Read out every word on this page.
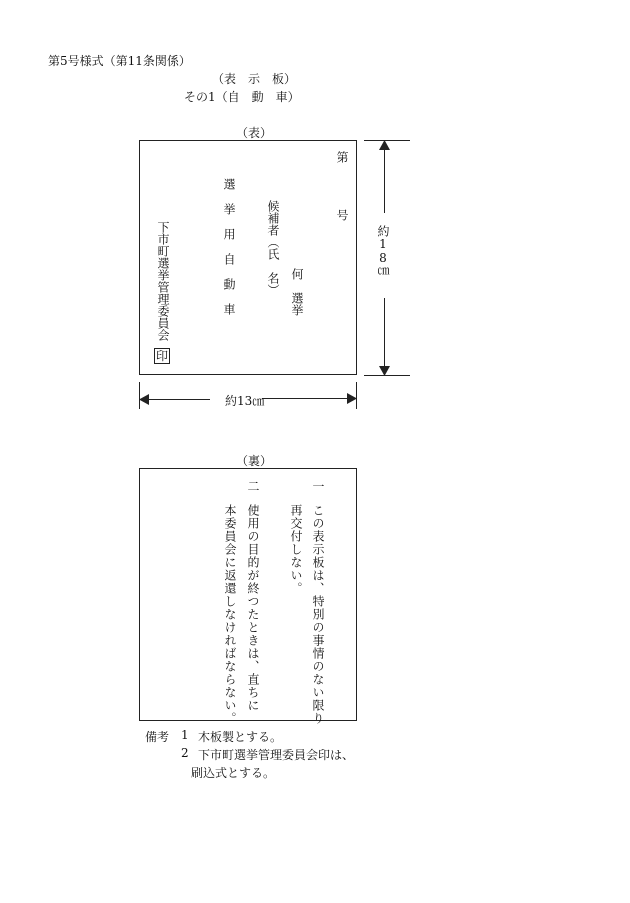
第5号様式（第11条関係）
（表　示　板）
その1（自　動　車）
（表）
第
号
何　選挙
候補者（氏　名）
選　挙　用　自　動　車
下市町選挙管理委員会
印
約18㎝
約13㎝
（裏）
一
この表示板は、特別の事情のない限り
再交付しない。
二
使用の目的が終つたときは、直ちに
本委員会に返還しなければならない。
備考 1 木板製とする。
2 下市町選挙管理委員会印は、
刷込式とする。
